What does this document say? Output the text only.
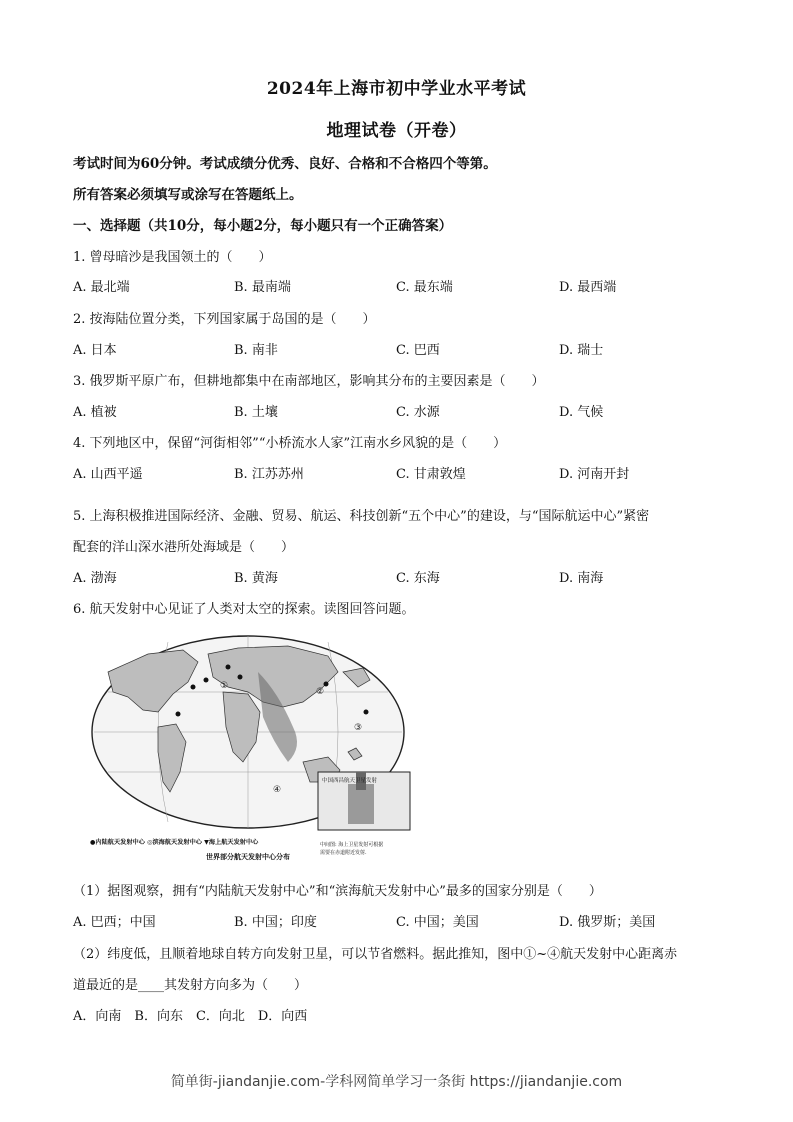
2024年上海市初中学业水平考试
地理试卷（开卷）
考试时间为60分钟。考试成绩分优秀、良好、合格和不合格四个等第。
所有答案必须填写或涂写在答题纸上。
一、选择题（共10分，每小题2分，每小题只有一个正确答案）
1. 曾母暗沙是我国领土的（　　）
A. 最北端	B. 最南端	C. 最东端	D. 最西端
2. 按海陆位置分类，下列国家属于岛国的是（　　）
A. 日本	B. 南非	C. 巴西	D. 瑞士
3. 俄罗斯平原广布，但耕地都集中在南部地区，影响其分布的主要因素是（　　）
A. 植被	B. 土壤	C. 水源	D. 气候
4. 下列地区中，保留“河街相邻”“小桥流水人家”江南水乡风貌的是（　　）
A. 山西平遥	B. 江苏苏州	C. 甘肃敦煌	D. 河南开封
5. 上海积极推进国际经济、金融、贸易、航运、科技创新“五个中心”的建设，与“国际航运中心”紧密
配套的洋山深水港所处海域是（　　）
A. 渤海	B. 黄海	C. 东海	D. 南海
6. 航天发射中心见证了人类对太空的探索。读图回答问题。
①
②
③
④
中国西昌航天卫星发射
中间图: 海上卫星发射可根据
需要在赤道附近发射.
●内陆航天发射中心 ◎滨海航天发射中心 ▼海上航天发射中心
世界部分航天发射中心分布
（1）据图观察，拥有“内陆航天发射中心”和“滨海航天发射中心”最多的国家分别是（　　）
A. 巴西；中国	B. 中国；印度	C. 中国；美国	D. 俄罗斯；美国
（2）纬度低，且顺着地球自转方向发射卫星，可以节省燃料。据此推知，图中①~④航天发射中心距离赤
道最近的是____其发射方向多为（　　）
A．向南　B．向东　C．向北　D．向西
简单街-jiandanjie.com-学科网简单学习一条街 https://jiandanjie.com
